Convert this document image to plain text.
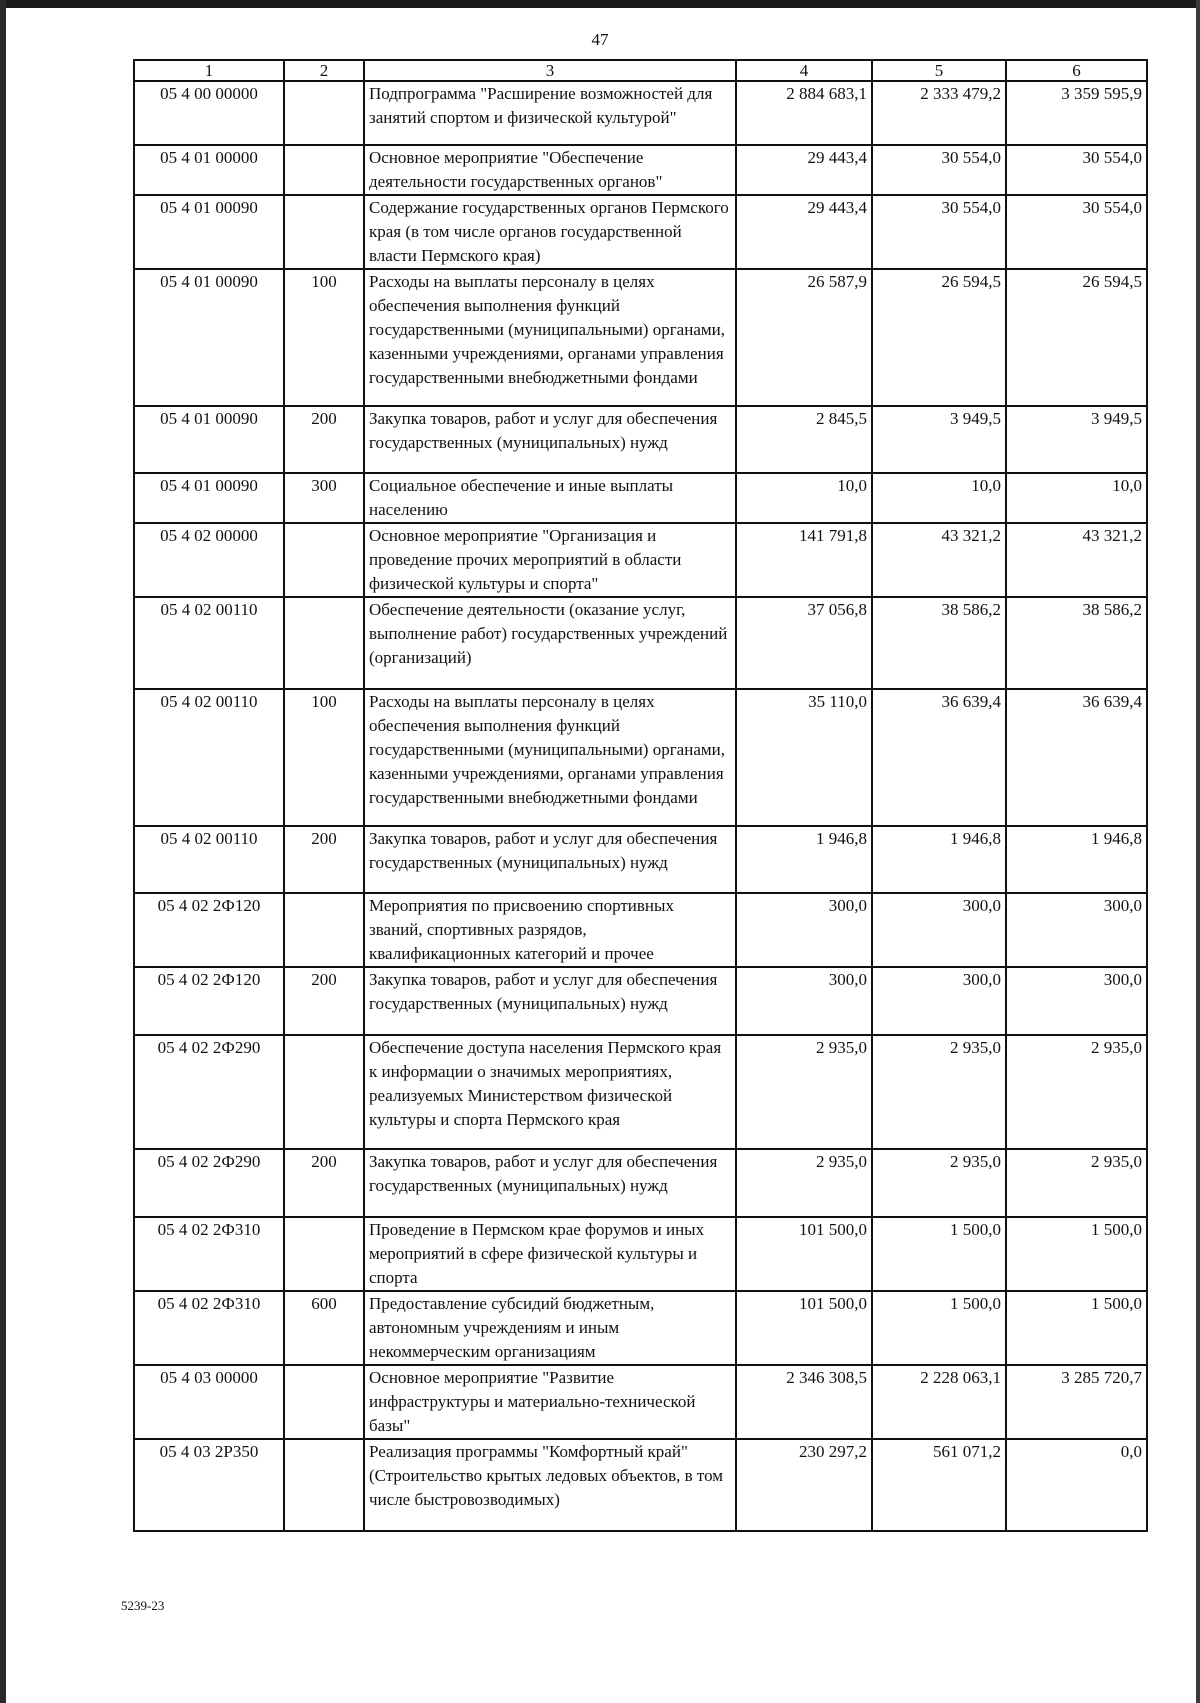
47
1	2	3	4	5	6
05 4 00 00000		Подпрограмма "Расширение возможностей для занятий спортом и физической культурой"	2 884 683,1	2 333 479,2	3 359 595,9
05 4 01 00000		Основное мероприятие "Обеспечение деятельности государственных органов"	29 443,4	30 554,0	30 554,0
05 4 01 00090		Содержание государственных органов Пермского края (в том числе органов государственной власти Пермского края)	29 443,4	30 554,0	30 554,0
05 4 01 00090	100	Расходы на выплаты персоналу в целях обеспечения выполнения функций государственными (муниципальными) органами, казенными учреждениями, органами управления государственными внебюджетными фондами	26 587,9	26 594,5	26 594,5
05 4 01 00090	200	Закупка товаров, работ и услуг для обеспечения государственных (муниципальных) нужд	2 845,5	3 949,5	3 949,5
05 4 01 00090	300	Социальное обеспечение и иные выплаты населению	10,0	10,0	10,0
05 4 02 00000		Основное мероприятие "Организация и проведение прочих мероприятий в области физической культуры и спорта"	141 791,8	43 321,2	43 321,2
05 4 02 00110		Обеспечение деятельности (оказание услуг, выполнение работ) государственных учреждений (организаций)	37 056,8	38 586,2	38 586,2
05 4 02 00110	100	Расходы на выплаты персоналу в целях обеспечения выполнения функций государственными (муниципальными) органами, казенными учреждениями, органами управления государственными внебюджетными фондами	35 110,0	36 639,4	36 639,4
05 4 02 00110	200	Закупка товаров, работ и услуг для обеспечения государственных (муниципальных) нужд	1 946,8	1 946,8	1 946,8
05 4 02 2Ф120		Мероприятия по присвоению спортивных званий, спортивных разрядов, квалификационных категорий и прочее	300,0	300,0	300,0
05 4 02 2Ф120	200	Закупка товаров, работ и услуг для обеспечения государственных (муниципальных) нужд	300,0	300,0	300,0
05 4 02 2Ф290		Обеспечение доступа населения Пермского края к информации о значимых мероприятиях, реализуемых Министерством физической культуры и спорта Пермского края	2 935,0	2 935,0	2 935,0
05 4 02 2Ф290	200	Закупка товаров, работ и услуг для обеспечения государственных (муниципальных) нужд	2 935,0	2 935,0	2 935,0
05 4 02 2Ф310		Проведение в Пермском крае форумов и иных мероприятий в сфере физической культуры и спорта	101 500,0	1 500,0	1 500,0
05 4 02 2Ф310	600	Предоставление субсидий бюджетным, автономным учреждениям и иным некоммерческим организациям	101 500,0	1 500,0	1 500,0
05 4 03 00000		Основное мероприятие "Развитие инфраструктуры и материально-технической базы"	2 346 308,5	2 228 063,1	3 285 720,7
05 4 03 2Р350		Реализация программы "Комфортный край" (Строительство крытых ледовых объектов, в том числе быстровозводимых)	230 297,2	561 071,2	0,0
5239-23
